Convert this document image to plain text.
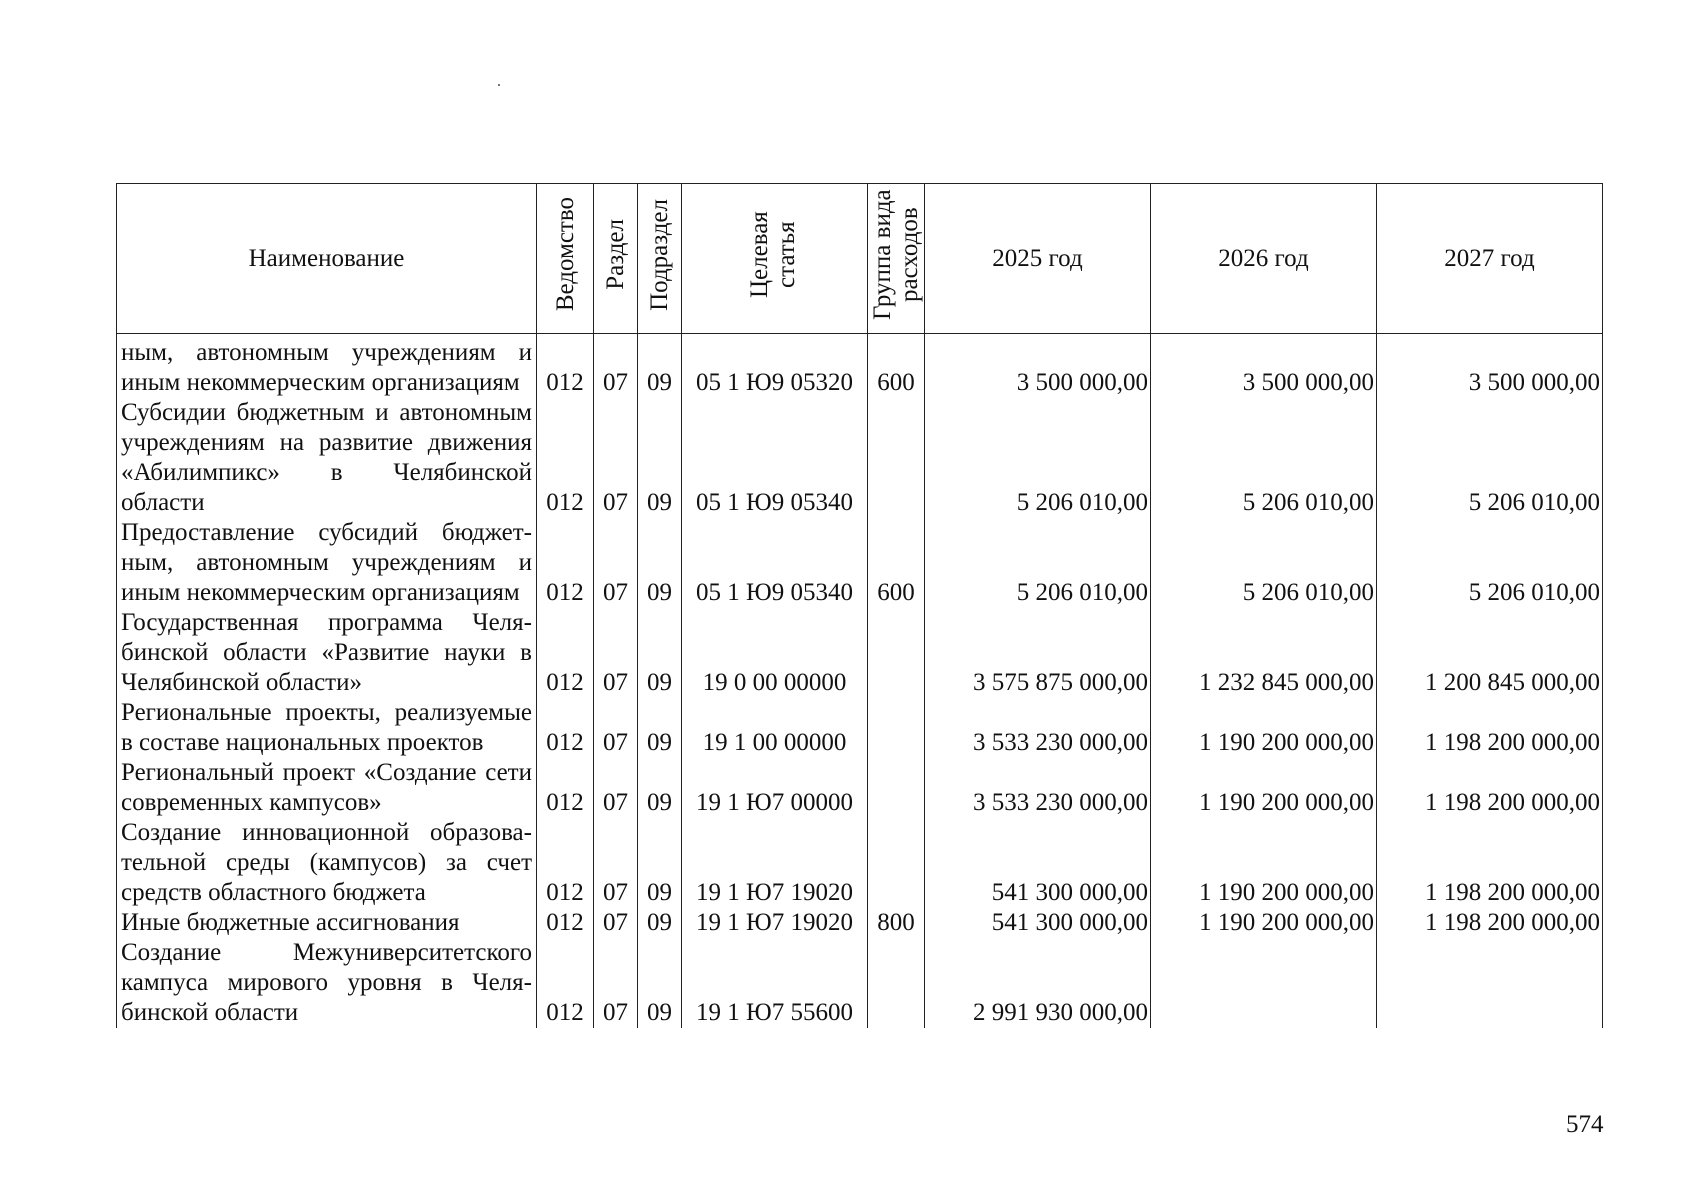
Наименование	Ведомство	Раздел	Подраздел	Целевая статья	Группа вида расходов	2025 год	2026 год	2027 год
ным, автономным учреждениям и иным некоммерческим организациям	012	07	09	05 1 Ю9 05320	600	3 500 000,00	3 500 000,00	3 500 000,00
Субсидии бюджетным и автономным учреждениям на развитие движения «Абилимпикс» в Челябинской области	012	07	09	05 1 Ю9 05340		5 206 010,00	5 206 010,00	5 206 010,00
Предоставление субсидий бюджетным, автономным учреждениям и иным некоммерческим организациям	012	07	09	05 1 Ю9 05340	600	5 206 010,00	5 206 010,00	5 206 010,00
Государственная программа Челябинской области «Развитие науки в Челябинской области»	012	07	09	19 0 00 00000		3 575 875 000,00	1 232 845 000,00	1 200 845 000,00
Региональные проекты, реализуемые в составе национальных проектов	012	07	09	19 1 00 00000		3 533 230 000,00	1 190 200 000,00	1 198 200 000,00
Региональный проект «Создание сети современных кампусов»	012	07	09	19 1 Ю7 00000		3 533 230 000,00	1 190 200 000,00	1 198 200 000,00
Создание инновационной образовательной среды (кампусов) за счет средств областного бюджета	012	07	09	19 1 Ю7 19020		541 300 000,00	1 190 200 000,00	1 198 200 000,00
Иные бюджетные ассигнования	012	07	09	19 1 Ю7 19020	800	541 300 000,00	1 190 200 000,00	1 198 200 000,00
Создание Межуниверситетского кампуса мирового уровня в Челябинской области	012	07	09	19 1 Ю7 55600		2 991 930 000,00		
574
